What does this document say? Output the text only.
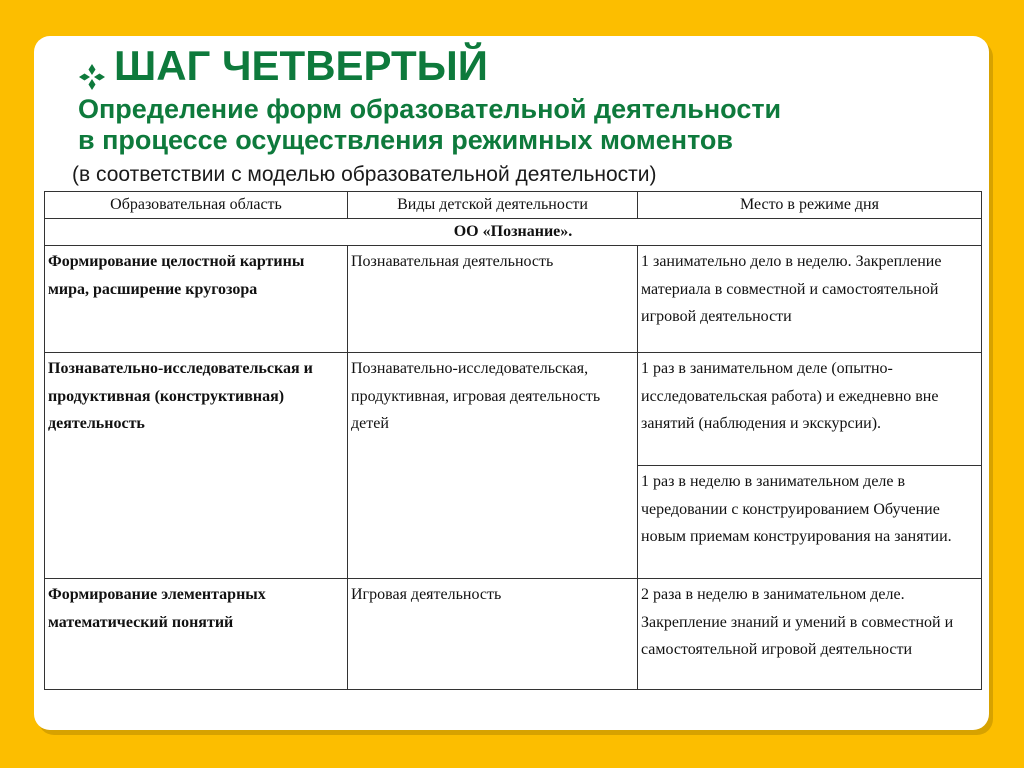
ШАГ ЧЕТВЕРТЫЙ
Определение форм образовательной деятельности
в процессе осуществления режимных моментов
(в соответствии с моделью образовательной деятельности)
Образовательная область	Виды детской деятельности	Место в режиме дня
ОО «Познание».		
Формирование целостной картины мира, расширение кругозора	Познавательная деятельность	1 занимательно дело в неделю. Закрепление материала в совместной и самостоятельной игровой деятельности
Познавательно-исследовательская и продуктивная (конструктивная) деятельность	Познавательно-исследовательская, продуктивная, игровая деятельность детей	1 раз в занимательном деле (опытно-исследовательская работа) и ежедневно вне занятий (наблюдения и экскурсии).
		1 раз в неделю в занимательном деле в чередовании с конструированием Обучение новым приемам конструирования на занятии.
Формирование элементарных математический понятий	Игровая деятельность	2 раза в неделю в занимательном деле. Закрепление знаний и умений в совместной и самостоятельной игровой деятельности
